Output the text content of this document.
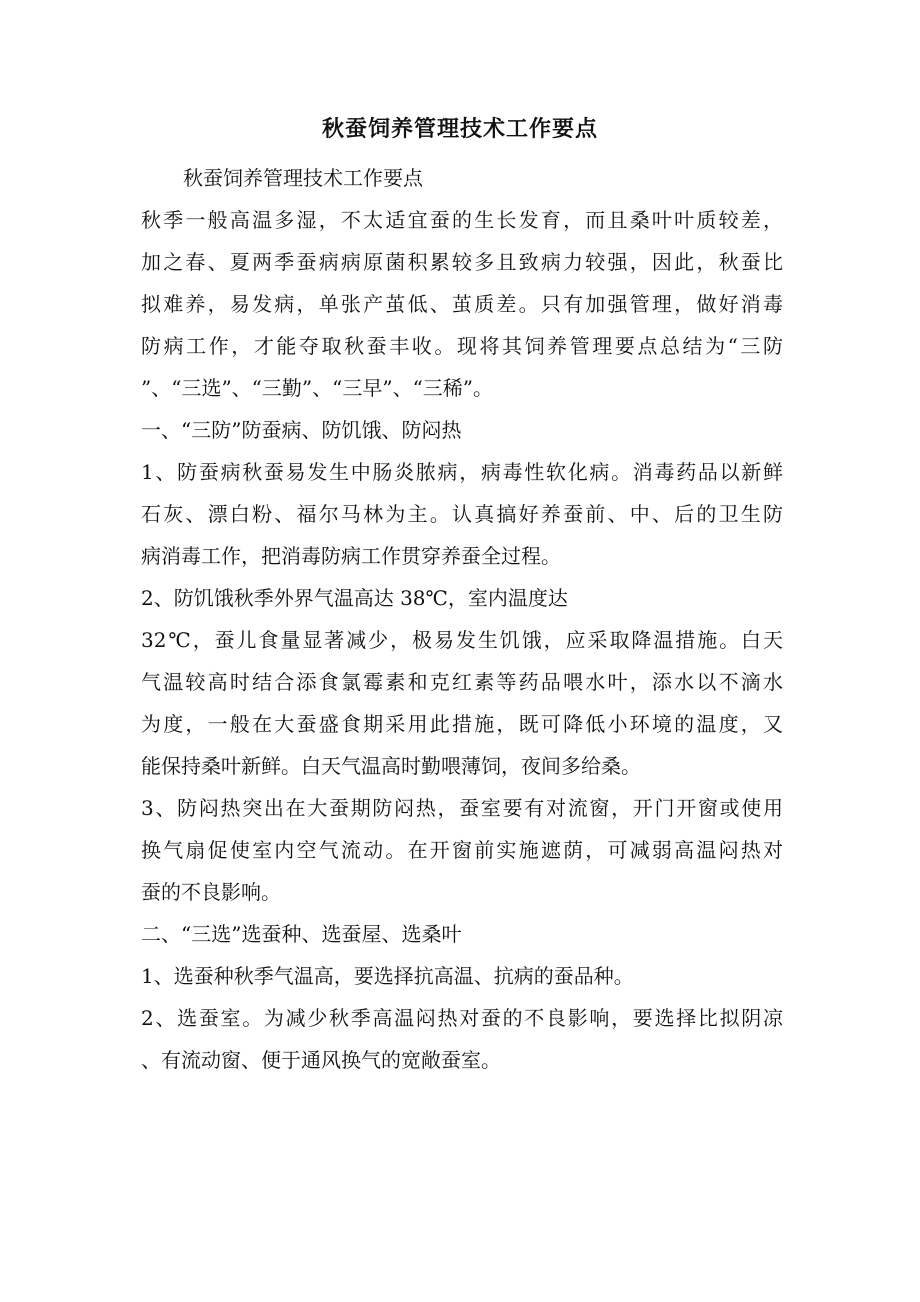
秋蚕饲养管理技术工作要点
秋蚕饲养管理技术工作要点
秋季一般高温多湿，不太适宜蚕的生长发育，而且桑叶叶质较差，
加之春、夏两季蚕病病原菌积累较多且致病力较强，因此，秋蚕比
拟难养，易发病，单张产茧低、茧质差。只有加强管理，做好消毒
防病工作，才能夺取秋蚕丰收。现将其饲养管理要点总结为“三防
”、“三选”、“三勤”、“三早”、“三稀”。
一、“三防”防蚕病、防饥饿、防闷热
1、防蚕病秋蚕易发生中肠炎脓病，病毒性软化病。消毒药品以新鲜
石灰、漂白粉、福尔马林为主。认真搞好养蚕前、中、后的卫生防
病消毒工作，把消毒防病工作贯穿养蚕全过程。
2、防饥饿秋季外界气温高达 38℃，室内温度达
32℃，蚕儿食量显著减少，极易发生饥饿，应采取降温措施。白天
气温较高时结合添食氯霉素和克红素等药品喂水叶，添水以不滴水
为度，一般在大蚕盛食期采用此措施，既可降低小环境的温度，又
能保持桑叶新鲜。白天气温高时勤喂薄饲，夜间多给桑。
3、防闷热突出在大蚕期防闷热，蚕室要有对流窗，开门开窗或使用
换气扇促使室内空气流动。在开窗前实施遮荫，可减弱高温闷热对
蚕的不良影响。
二、“三选”选蚕种、选蚕屋、选桑叶
1、选蚕种秋季气温高，要选择抗高温、抗病的蚕品种。
2、选蚕室。为减少秋季高温闷热对蚕的不良影响，要选择比拟阴凉
、有流动窗、便于通风换气的宽敞蚕室。
